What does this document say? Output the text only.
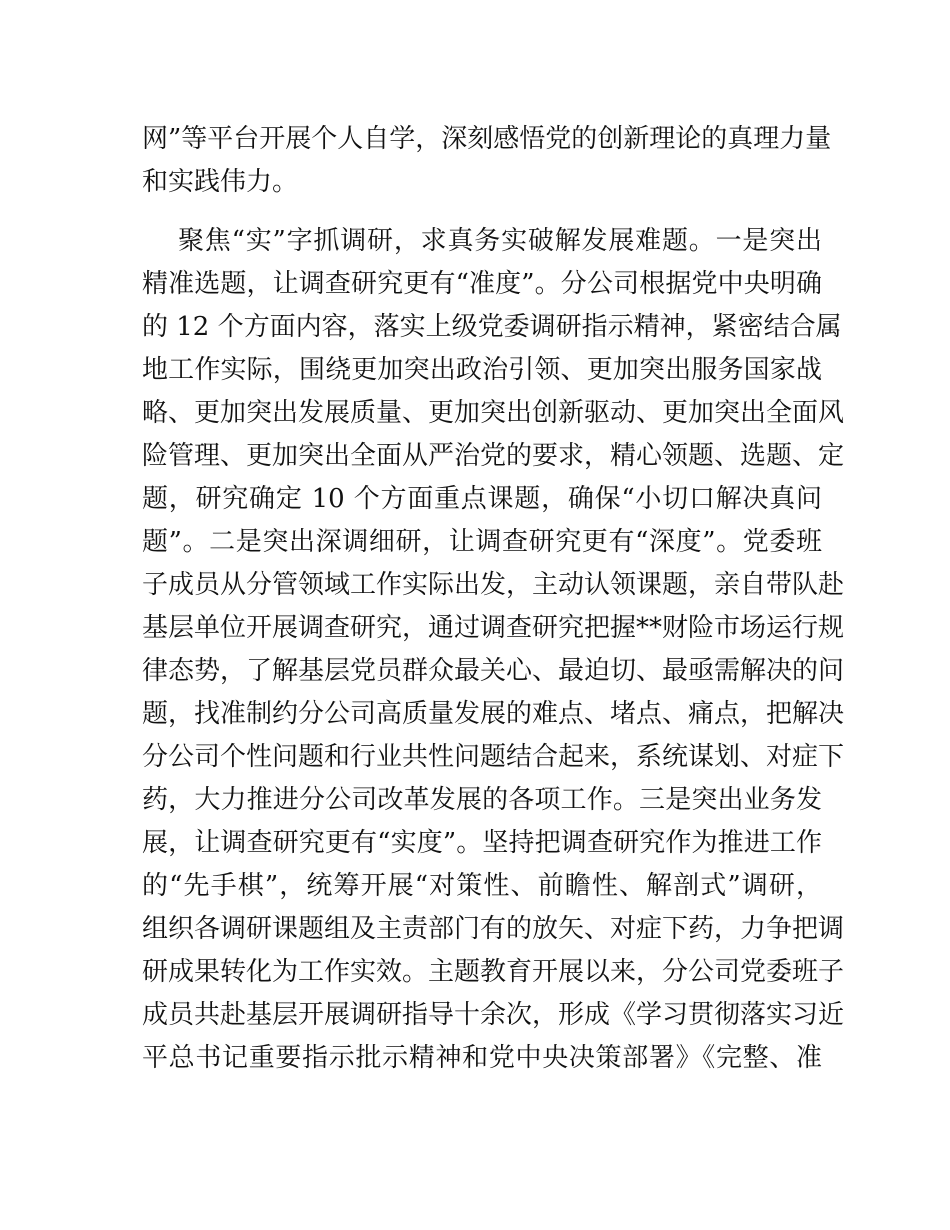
网”等平台开展个人自学，深刻感悟党的创新理论的真理力量
和实践伟力。
聚焦“实”字抓调研，求真务实破解发展难题。一是突出
精准选题，让调查研究更有“准度”。分公司根据党中央明确
的 12 个方面内容，落实上级党委调研指示精神，紧密结合属
地工作实际，围绕更加突出政治引领、更加突出服务国家战
略、更加突出发展质量、更加突出创新驱动、更加突出全面风
险管理、更加突出全面从严治党的要求，精心领题、选题、定
题，研究确定 10 个方面重点课题，确保“小切口解决真问
题”。二是突出深调细研，让调查研究更有“深度”。党委班
子成员从分管领域工作实际出发，主动认领课题，亲自带队赴
基层单位开展调查研究，通过调查研究把握**财险市场运行规
律态势，了解基层党员群众最关心、最迫切、最亟需解决的问
题，找准制约分公司高质量发展的难点、堵点、痛点，把解决
分公司个性问题和行业共性问题结合起来，系统谋划、对症下
药，大力推进分公司改革发展的各项工作。三是突出业务发
展，让调查研究更有“实度”。坚持把调查研究作为推进工作
的“先手棋”，统筹开展“对策性、前瞻性、解剖式”调研，
组织各调研课题组及主责部门有的放矢、对症下药，力争把调
研成果转化为工作实效。主题教育开展以来，分公司党委班子
成员共赴基层开展调研指导十余次，形成《学习贯彻落实习近
平总书记重要指示批示精神和党中央决策部署》《完整、准
